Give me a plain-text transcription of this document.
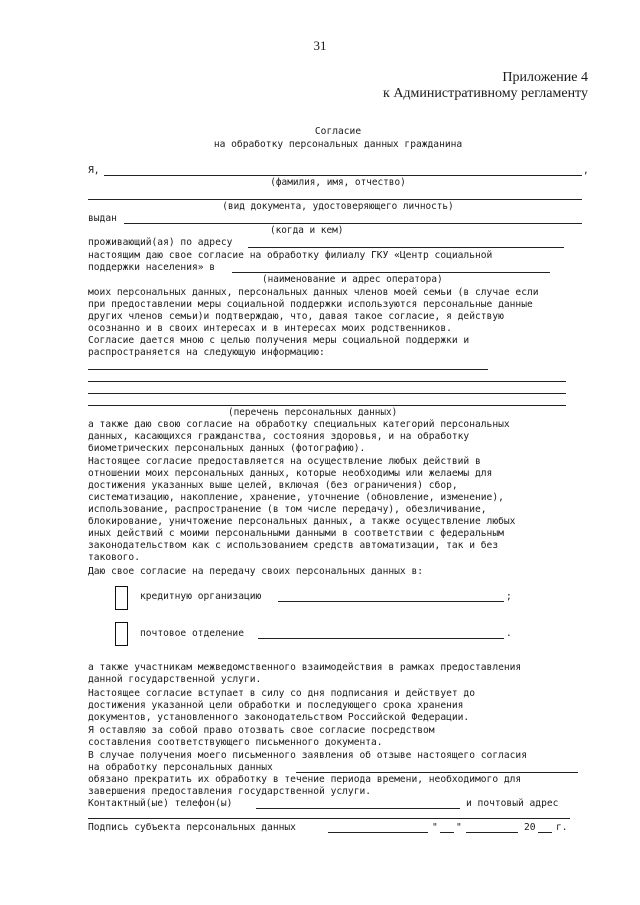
31
Приложение 4
к Административному регламенту
Согласие
на обработку персональных данных гражданина
Я,	,
(фамилия, имя, отчество)
(вид документа, удостоверяющего личность)
выдан
(когда и кем)
проживающий(ая) по адресу
настоящим даю свое согласие на обработку филиалу ГКУ «Центр социальной
поддержки населения» в
(наименование и адрес оператора)
моих персональных данных, персональных данных членов моей семьи (в случае если
при предоставлении меры социальной поддержки используются персональные данные
других членов семьи)и подтверждаю, что, давая такое согласие, я действую
осознанно и в своих интересах и в интересах моих родственников.
Согласие дается мною с целью получения меры социальной поддержки и
распространяется на следующую информацию:
(перечень персональных данных)
а также даю свою согласие на обработку специальных категорий персональных
данных, касающихся гражданства, состояния здоровья, и на обработку
биометрических персональных данных (фотографию).
Настоящее согласие предоставляется на осуществление любых действий в
отношении моих персональных данных, которые необходимы или желаемы для
достижения указанных выше целей, включая (без ограничения) сбор,
систематизацию, накопление, хранение, уточнение (обновление, изменение),
использование, распространение (в том числе передачу), обезличивание,
блокирование, уничтожение персональных данных, а также осуществление любых
иных действий с моими персональными данными в соответствии с федеральным
законодательством как с использованием средств автоматизации, так и без
такового.
Даю свое согласие на передачу своих персональных данных в:
кредитную организацию	;
почтовое отделение	.
а также участникам межведомственного взаимодействия в рамках предоставления
данной государственной услуги.
Настоящее согласие вступает в силу со дня подписания и действует до
достижения указанной цели обработки и последующего срока хранения
документов, установленного законодательством Российской Федерации.
Я оставляю за собой право отозвать свое согласие посредством
составления соответствующего письменного документа.
В случае получения моего письменного заявления об отзыве настоящего согласия
на обработку персональных данных
обязано прекратить их обработку в течение периода времени, необходимого для
завершения предоставления государственной услуги.
Контактный(ые) телефон(ы)	и почтовый адрес
Подпись субъекта персональных данных	" "	20 г.
